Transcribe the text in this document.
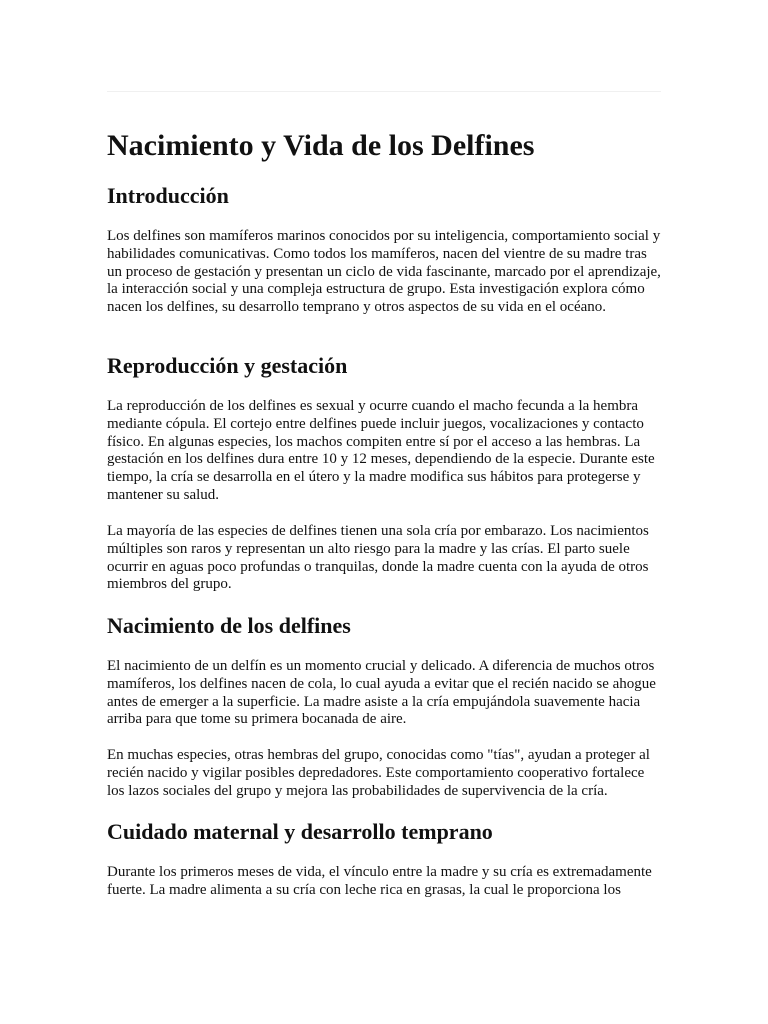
Nacimiento y Vida de los Delfines
Introducción

Los delfines son mamíferos marinos conocidos por su inteligencia, comportamiento social y habilidades comunicativas. Como todos los mamíferos, nacen del vientre de su madre tras un proceso de gestación y presentan un ciclo de vida fascinante, marcado por el aprendizaje, la interacción social y una compleja estructura de grupo. Esta investigación explora cómo nacen los delfines, su desarrollo temprano y otros aspectos de su vida en el océano.

Reproducción y gestación

La reproducción de los delfines es sexual y ocurre cuando el macho fecunda a la hembra mediante cópula. El cortejo entre delfines puede incluir juegos, vocalizaciones y contacto físico. En algunas especies, los machos compiten entre sí por el acceso a las hembras. La gestación en los delfines dura entre 10 y 12 meses, dependiendo de la especie. Durante este tiempo, la cría se desarrolla en el útero y la madre modifica sus hábitos para protegerse y mantener su salud.

La mayoría de las especies de delfines tienen una sola cría por embarazo. Los nacimientos múltiples son raros y representan un alto riesgo para la madre y las crías. El parto suele ocurrir en aguas poco profundas o tranquilas, donde la madre cuenta con la ayuda de otros miembros del grupo.

Nacimiento de los delfines

El nacimiento de un delfín es un momento crucial y delicado. A diferencia de muchos otros mamíferos, los delfines nacen de cola, lo cual ayuda a evitar que el recién nacido se ahogue antes de emerger a la superficie. La madre asiste a la cría empujándola suavemente hacia arriba para que tome su primera bocanada de aire.

En muchas especies, otras hembras del grupo, conocidas como "tías", ayudan a proteger al recién nacido y vigilar posibles depredadores. Este comportamiento cooperativo fortalece los lazos sociales del grupo y mejora las probabilidades de supervivencia de la cría.

Cuidado maternal y desarrollo temprano

Durante los primeros meses de vida, el vínculo entre la madre y su cría es extremadamente fuerte. La madre alimenta a su cría con leche rica en grasas, la cual le proporciona los
